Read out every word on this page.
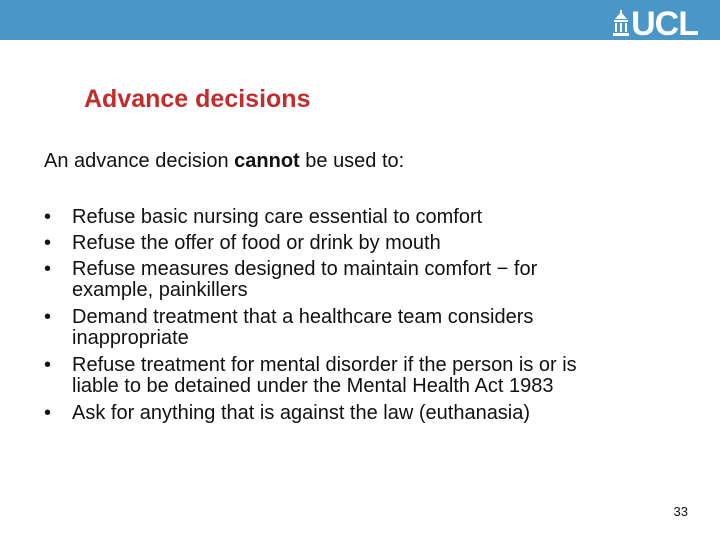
UCL
Advance decisions
An advance decision cannot be used to:
• Refuse basic nursing care essential to comfort
• Refuse the offer of food or drink by mouth
• Refuse measures designed to maintain comfort − for
example, painkillers
• Demand treatment that a healthcare team considers
inappropriate
• Refuse treatment for mental disorder if the person is or is
liable to be detained under the Mental Health Act 1983
• Ask for anything that is against the law (euthanasia)
33
